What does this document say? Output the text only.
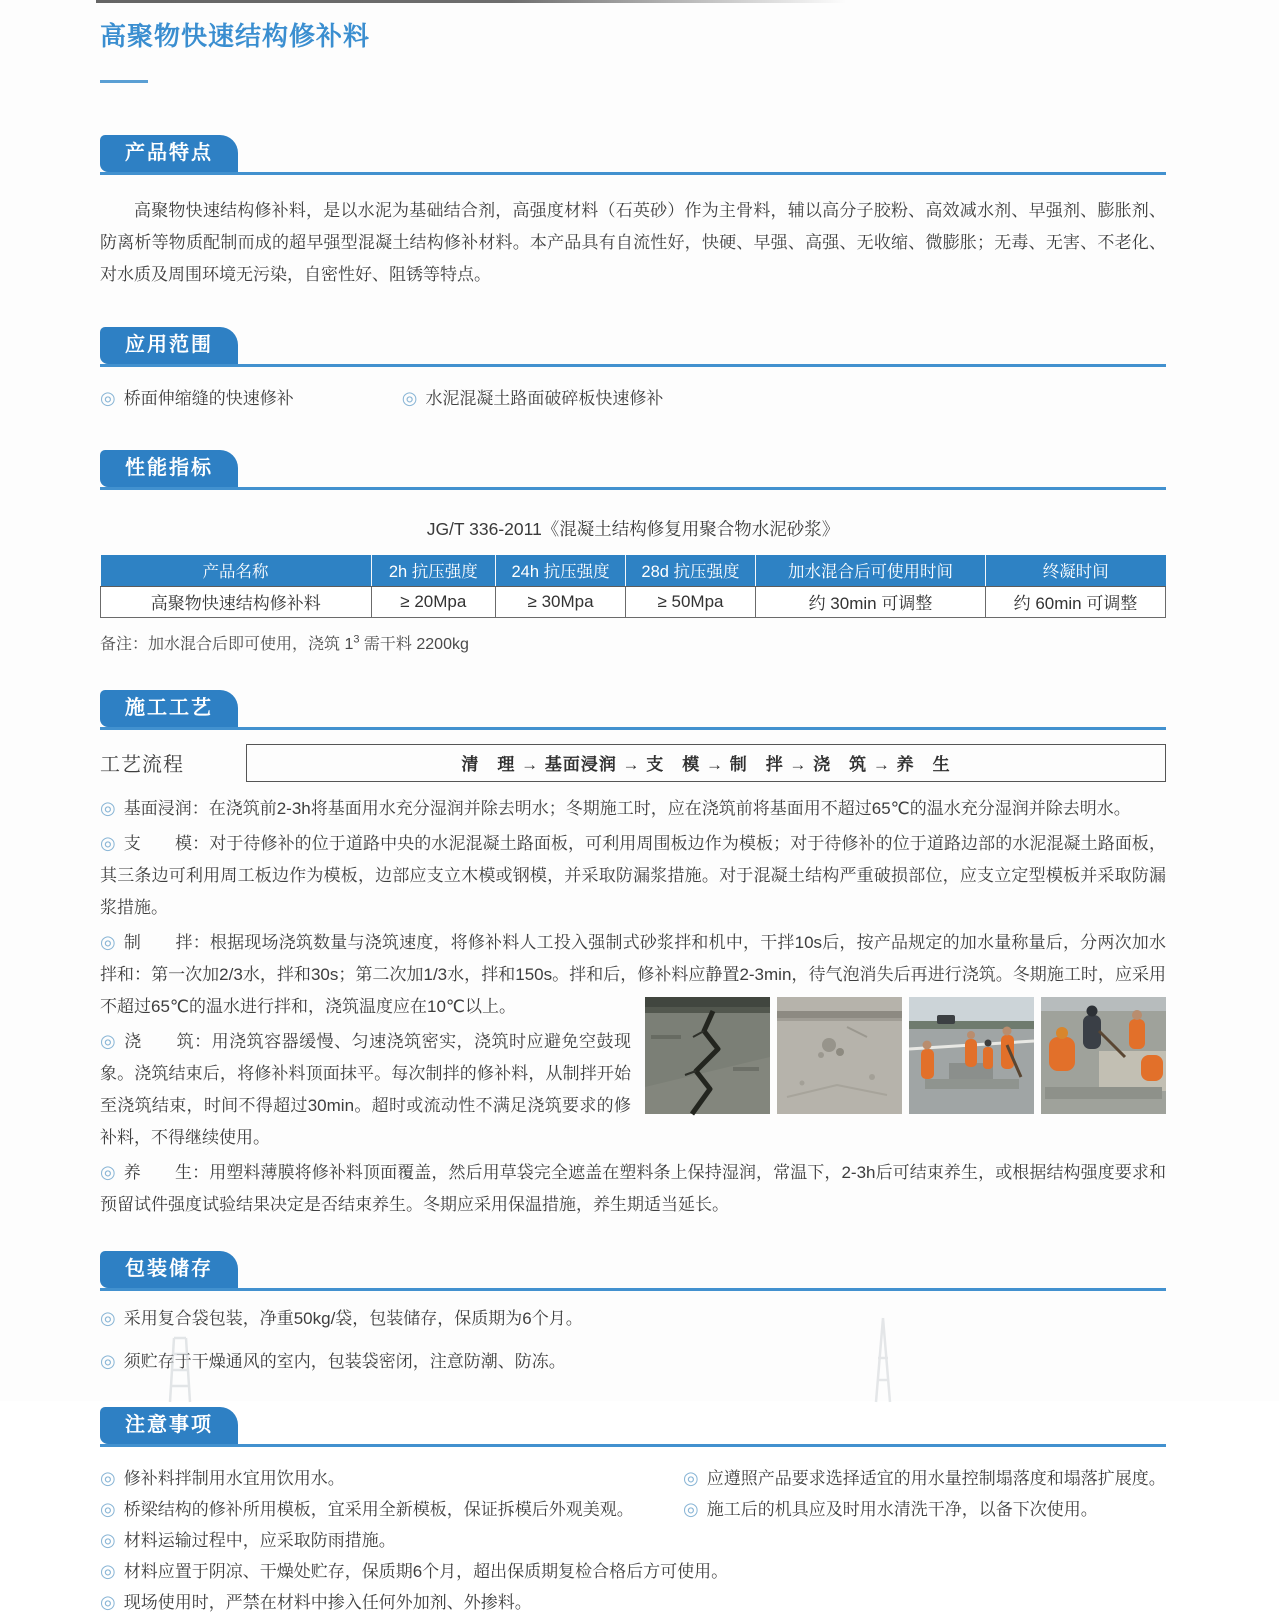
高聚物快速结构修补料
产品特点

高聚物快速结构修补料，是以水泥为基础结合剂，高强度材料（石英砂）作为主骨料，辅以高分子胶粉、高效减水剂、早强剂、膨胀剂、防离析等物质配制而成的超早强型混凝土结构修补材料。本产品具有自流性好，快硬、早强、高强、无收缩、微膨胀；无毒、无害、不老化、对水质及周围环境无污染，自密性好、阻锈等特点。

应用范围
◎ 桥面伸缩缝的快速修补	◎ 水泥混凝土路面破碎板快速修补
性能指标
JG/T 336-2011《混凝土结构修复用聚合物水泥砂浆》
产品名称	2h 抗压强度	24h 抗压强度	28d 抗压强度	加水混合后可使用时间	终凝时间
高聚物快速结构修补料	≥ 20Mpa	≥ 30Mpa	≥ 50Mpa	约 30min 可调整	约 60min 可调整
备注：加水混合后即可使用，浇筑 $1^3$ 需干料 2200kg
施工工艺
工艺流程	清　理 → 基面浸润 → 支　模 → 制　拌 → 浇　筑 → 养　生

◎ 基面浸润：在浇筑前2-3h将基面用水充分湿润并除去明水；冬期施工时，应在浇筑前将基面用不超过65℃的温水充分湿润并除去明水。

◎ 支　　模：对于待修补的位于道路中央的水泥混凝土路面板，可利用周围板边作为模板；对于待修补的位于道路边部的水泥混凝土路面板，其三条边可利用周工板边作为模板，边部应支立木模或钢模，并采取防漏浆措施。对于混凝土结构严重破损部位，应支立定型模板并采取防漏浆措施。

◎ 制　　拌：根据现场浇筑数量与浇筑速度，将修补料人工投入强制式砂浆拌和机中，干拌10s后，按产品规定的加水量称量后，分两次加水拌和：第一次加2/3水，拌和30s；第二次加1/3水，拌和150s。拌和后，修补料应静置2-3min，待气泡消失后再进行浇筑。冬期施工时，应采用不超过65℃的温水进行拌和，浇筑温度应在10℃以上。

◎ 浇　　筑：用浇筑容器缓慢、匀速浇筑密实，浇筑时应避免空鼓现象。浇筑结束后，将修补料顶面抹平。每次制拌的修补料，从制拌开始至浇筑结束，时间不得超过30min。超时或流动性不满足浇筑要求的修补料，不得继续使用。

◎ 养　　生：用塑料薄膜将修补料顶面覆盖，然后用草袋完全遮盖在塑料条上保持湿润，常温下，2-3h后可结束养生，或根据结构强度要求和预留试件强度试验结果决定是否结束养生。冬期应采用保温措施，养生期适当延长。

包装储存

◎ 采用复合袋包装，净重50kg/袋，包装储存，保质期为6个月。

◎ 须贮存于干燥通风的室内，包装袋密闭，注意防潮、防冻。

注意事项

◎ 修补料拌制用水宜用饮用水。	◎ 应遵照产品要求选择适宜的用水量控制塌落度和塌落扩展度。

◎ 桥梁结构的修补所用模板，宜采用全新模板，保证拆模后外观美观。	◎ 施工后的机具应及时用水清洗干净，以备下次使用。

◎ 材料运输过程中，应采取防雨措施。

◎ 材料应置于阴凉、干燥处贮存，保质期6个月，超出保质期复检合格后方可使用。

◎ 现场使用时，严禁在材料中掺入任何外加剂、外掺料。
